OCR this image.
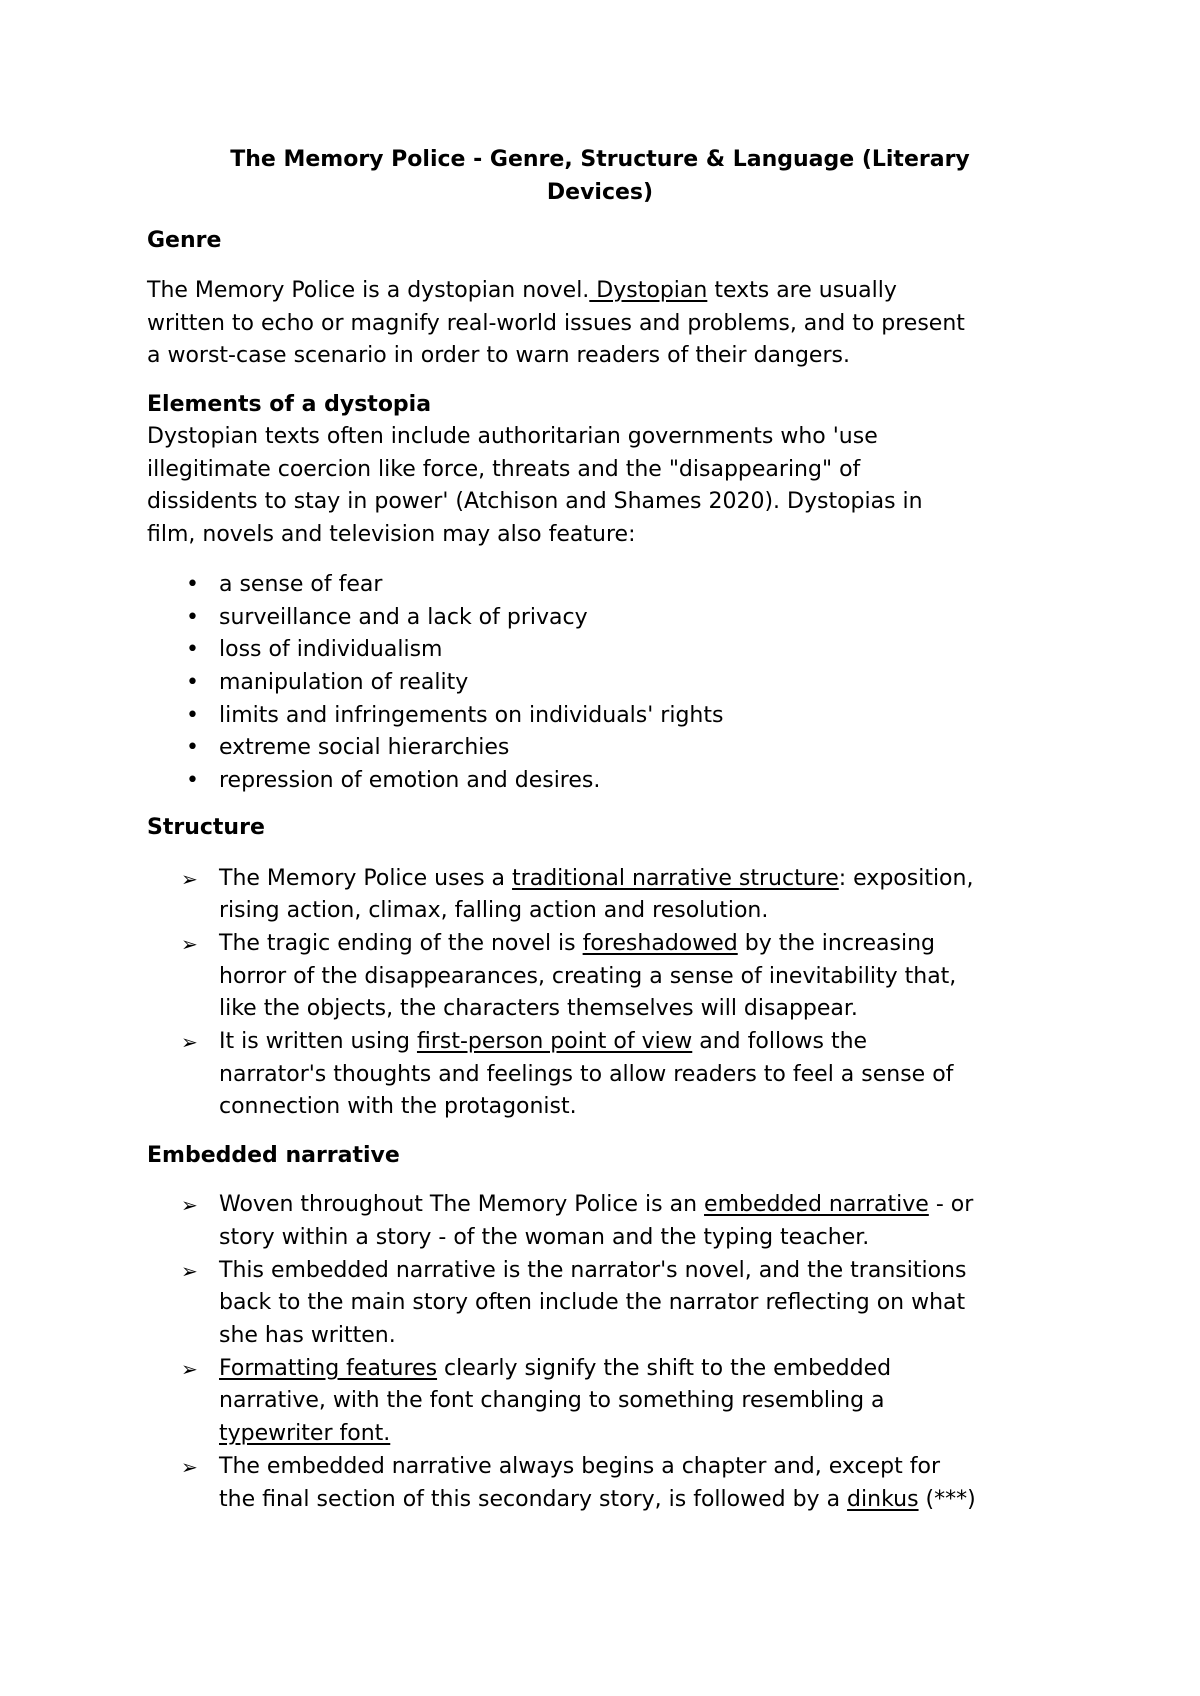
The Memory Police - Genre, Structure & Language (Literary
Devices)
Genre
The Memory Police is a dystopian novel. Dystopian texts are usually
written to echo or magnify real-world issues and problems, and to present
a worst-case scenario in order to warn readers of their dangers.
Elements of a dystopia
Dystopian texts often include authoritarian governments who 'use
illegitimate coercion like force, threats and the "disappearing" of
dissidents to stay in power' (Atchison and Shames 2020). Dystopias in
film, novels and television may also feature:
• a sense of fear
• surveillance and a lack of privacy
• loss of individualism
• manipulation of reality
• limits and infringements on individuals' rights
• extreme social hierarchies
• repression of emotion and desires.
Structure
➢ The Memory Police uses a traditional narrative structure: exposition,
rising action, climax, falling action and resolution.
➢ The tragic ending of the novel is foreshadowed by the increasing
horror of the disappearances, creating a sense of inevitability that,
like the objects, the characters themselves will disappear.
➢ It is written using first-person point of view and follows the
narrator's thoughts and feelings to allow readers to feel a sense of
connection with the protagonist.
Embedded narrative
➢ Woven throughout The Memory Police is an embedded narrative - or
story within a story - of the woman and the typing teacher.
➢ This embedded narrative is the narrator's novel, and the transitions
back to the main story often include the narrator reflecting on what
she has written.
➢ Formatting features clearly signify the shift to the embedded
narrative, with the font changing to something resembling a
typewriter font.
➢ The embedded narrative always begins a chapter and, except for
the final section of this secondary story, is followed by a dinkus (***)
